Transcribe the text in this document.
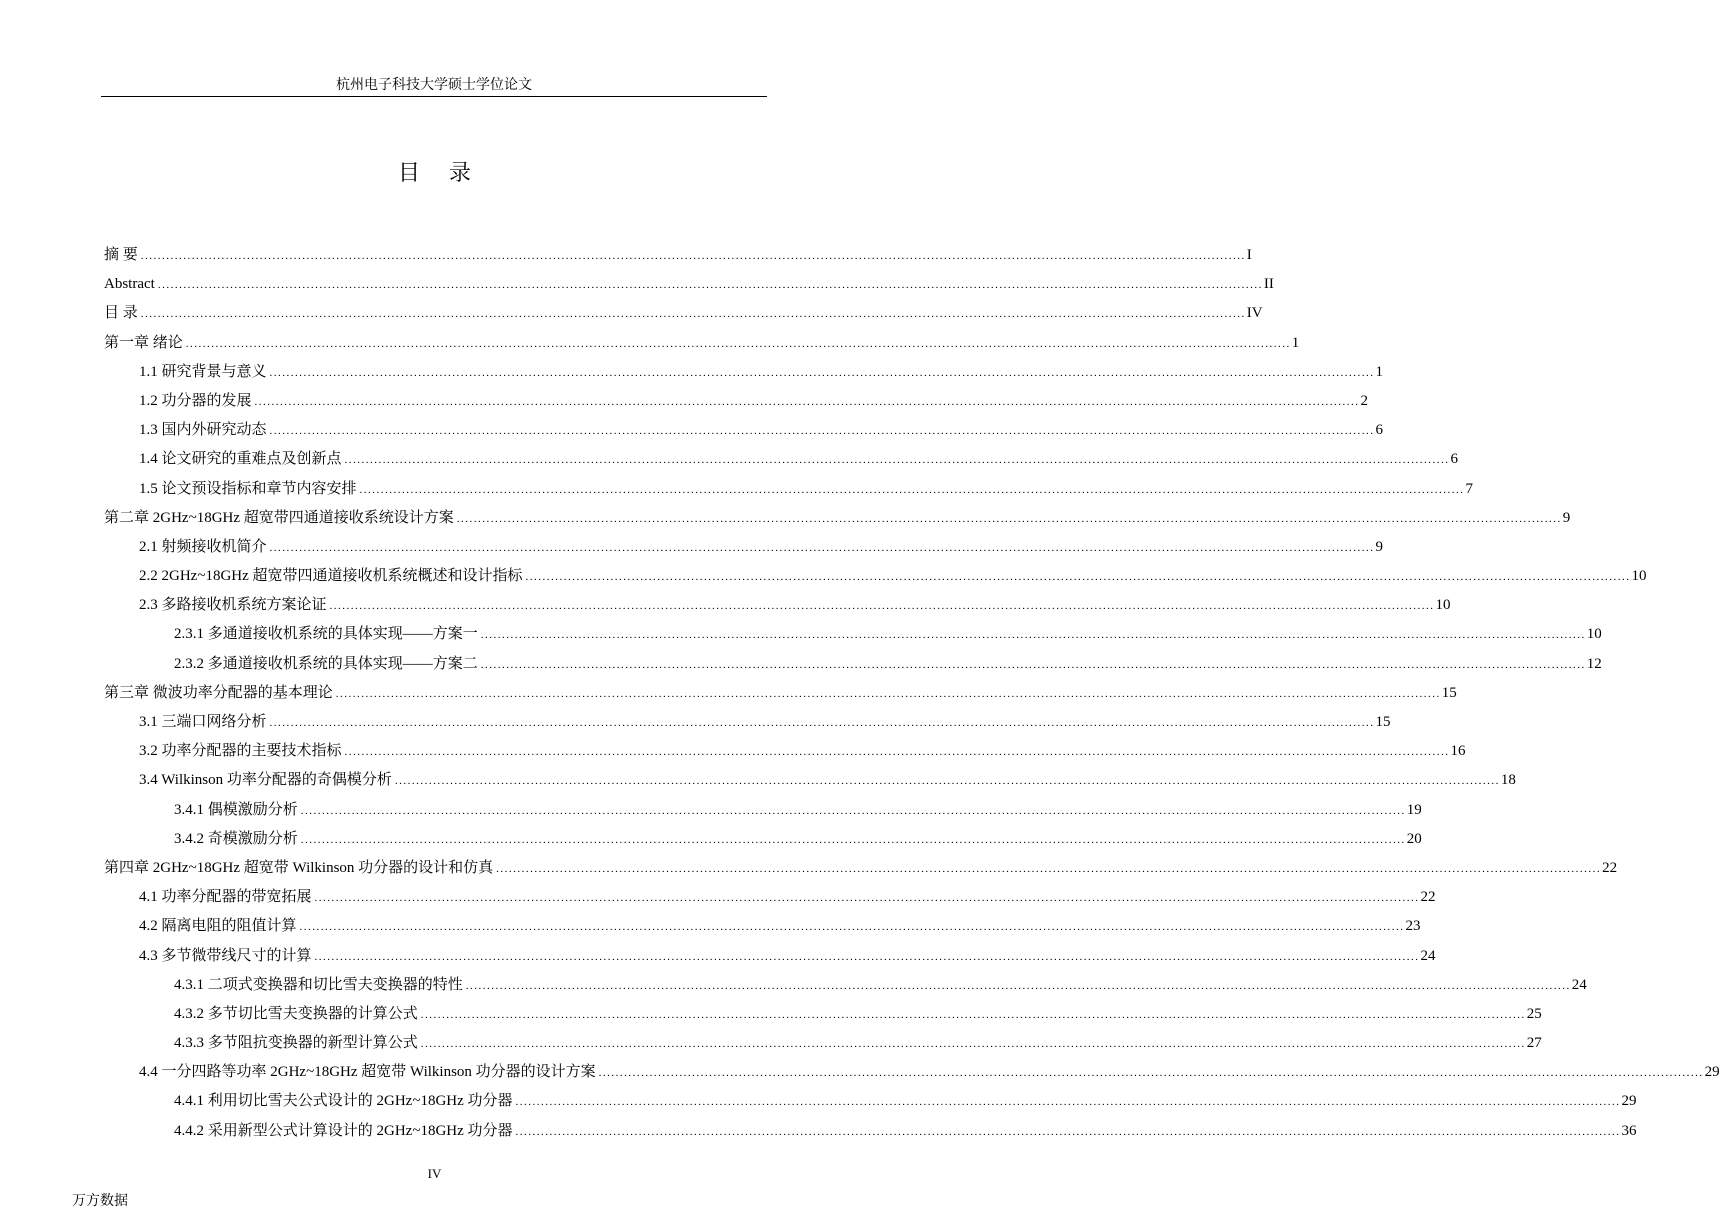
杭州电子科技大学硕士学位论文
目 录
摘 要 .................................................................................................................................................................................................................................................................... I
Abstract .................................................................................................................................................................................................................................................................... II
目 录 .................................................................................................................................................................................................................................................................... IV
第一章 绪论 .................................................................................................................................................................................................................................................................... 1
1.1 研究背景与意义 .................................................................................................................................................................................................................................................................... 1
1.2 功分器的发展 .................................................................................................................................................................................................................................................................... 2
1.3 国内外研究动态 .................................................................................................................................................................................................................................................................... 6
1.4 论文研究的重难点及创新点 .................................................................................................................................................................................................................................................................... 6
1.5 论文预设指标和章节内容安排 .................................................................................................................................................................................................................................................................... 7
第二章 2GHz~18GHz 超宽带四通道接收系统设计方案 .................................................................................................................................................................................................................................................................... 9
2.1 射频接收机简介 .................................................................................................................................................................................................................................................................... 9
2.2 2GHz~18GHz 超宽带四通道接收机系统概述和设计指标 .................................................................................................................................................................................................................................................................... 10
2.3 多路接收机系统方案论证 .................................................................................................................................................................................................................................................................... 10
2.3.1 多通道接收机系统的具体实现——方案一 .................................................................................................................................................................................................................................................................... 10
2.3.2 多通道接收机系统的具体实现——方案二 .................................................................................................................................................................................................................................................................... 12
第三章 微波功率分配器的基本理论 .................................................................................................................................................................................................................................................................... 15
3.1 三端口网络分析 .................................................................................................................................................................................................................................................................... 15
3.2 功率分配器的主要技术指标 .................................................................................................................................................................................................................................................................... 16
3.4 Wilkinson 功率分配器的奇偶模分析 .................................................................................................................................................................................................................................................................... 18
3.4.1 偶模激励分析 .................................................................................................................................................................................................................................................................... 19
3.4.2 奇模激励分析 .................................................................................................................................................................................................................................................................... 20
第四章 2GHz~18GHz 超宽带 Wilkinson 功分器的设计和仿真 .................................................................................................................................................................................................................................................................... 22
4.1 功率分配器的带宽拓展 .................................................................................................................................................................................................................................................................... 22
4.2 隔离电阻的阻值计算 .................................................................................................................................................................................................................................................................... 23
4.3 多节微带线尺寸的计算 .................................................................................................................................................................................................................................................................... 24
4.3.1 二项式变换器和切比雪夫变换器的特性 .................................................................................................................................................................................................................................................................... 24
4.3.2 多节切比雪夫变换器的计算公式 .................................................................................................................................................................................................................................................................... 25
4.3.3 多节阻抗变换器的新型计算公式 .................................................................................................................................................................................................................................................................... 27
4.4 一分四路等功率 2GHz~18GHz 超宽带 Wilkinson 功分器的设计方案 .................................................................................................................................................................................................................................................................... 29
4.4.1 利用切比雪夫公式设计的 2GHz~18GHz 功分器 .................................................................................................................................................................................................................................................................... 29
4.4.2 采用新型公式计算设计的 2GHz~18GHz 功分器 .................................................................................................................................................................................................................................................................... 36
IV
万方数据
